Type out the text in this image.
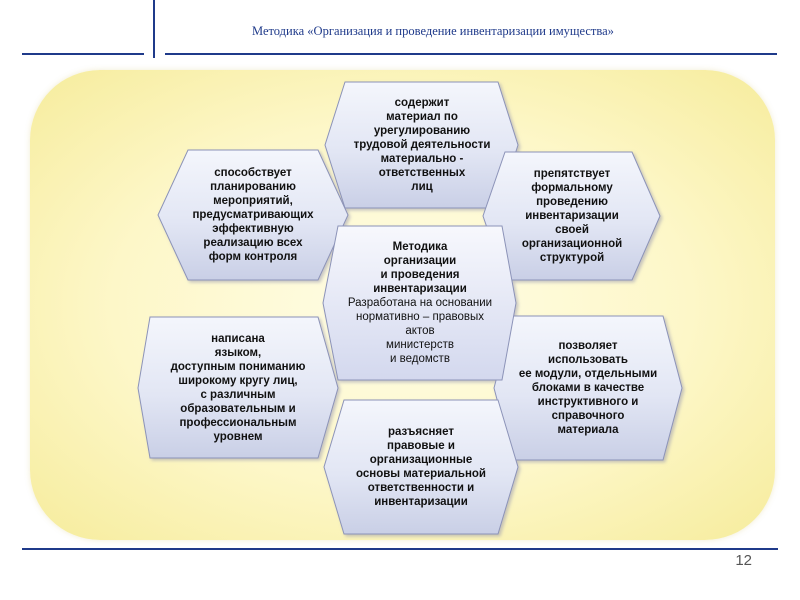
Методика «Организация и проведение инвентаризации имущества»
содержит
материал по
урегулированию
трудовой деятельности
материально -
ответственных
лиц
способствует
планированию
мероприятий,
предусматривающих
эффективную
реализацию всех
форм контроля
препятствует
формальному
проведению
инвентаризации
своей
организационной
структурой
написана
языком,
доступным пониманию
широкому кругу лиц,
с различным
образовательным и
профессиональным
уровнем
позволяет
использовать
ее модули, отдельными
блоками в качестве
инструктивного и
справочного
материала
разъясняет
правовые и
организационные
основы материальной
ответственности и
инвентаризации
Методика
организации
и проведения
инвентаризации
Разработана на основании
нормативно – правовых
актов
министерств
и ведомств
12
